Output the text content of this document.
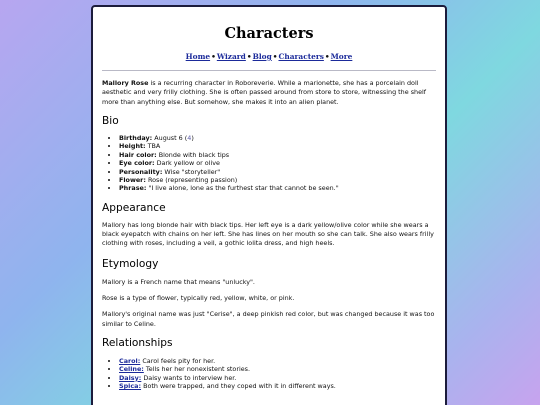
Characters
Home•Wizard•Blog•Characters•More

Mallory Rose is a recurring character in Roboreverie. While a marionette, she has a porcelain doll aesthetic and very frilly clothing. She is often passed around from store to store, witnessing the shelf more than anything else. But somehow, she makes it into an alien planet.

Bio
• Birthday: August 6 (4)
• Height: TBA
• Hair color: Blonde with black tips
• Eye color: Dark yellow or olive
• Personality: Wise "storyteller"
• Flower: Rose (representing passion)
• Phrase: "I live alone, lone as the furthest star that cannot be seen."
Appearance

Mallory has long blonde hair with black tips. Her left eye is a dark yellow/olive color while she wears a black eyepatch with chains on her left. She has lines on her mouth so she can talk. She also wears frilly clothing with roses, including a veil, a gothic lolita dress, and high heels.

Etymology

Mallory is a French name that means "unlucky".

Rose is a type of flower, typically red, yellow, white, or pink.

Mallory's original name was just "Cerise", a deep pinkish red color, but was changed because it was too similar to Celine.

Relationships
• Carol: Carol feels pity for her.
• Celine: Tells her her nonexistent stories.
• Daisy: Daisy wants to interview her.
• Spica: Both were trapped, and they coped with it in different ways.
